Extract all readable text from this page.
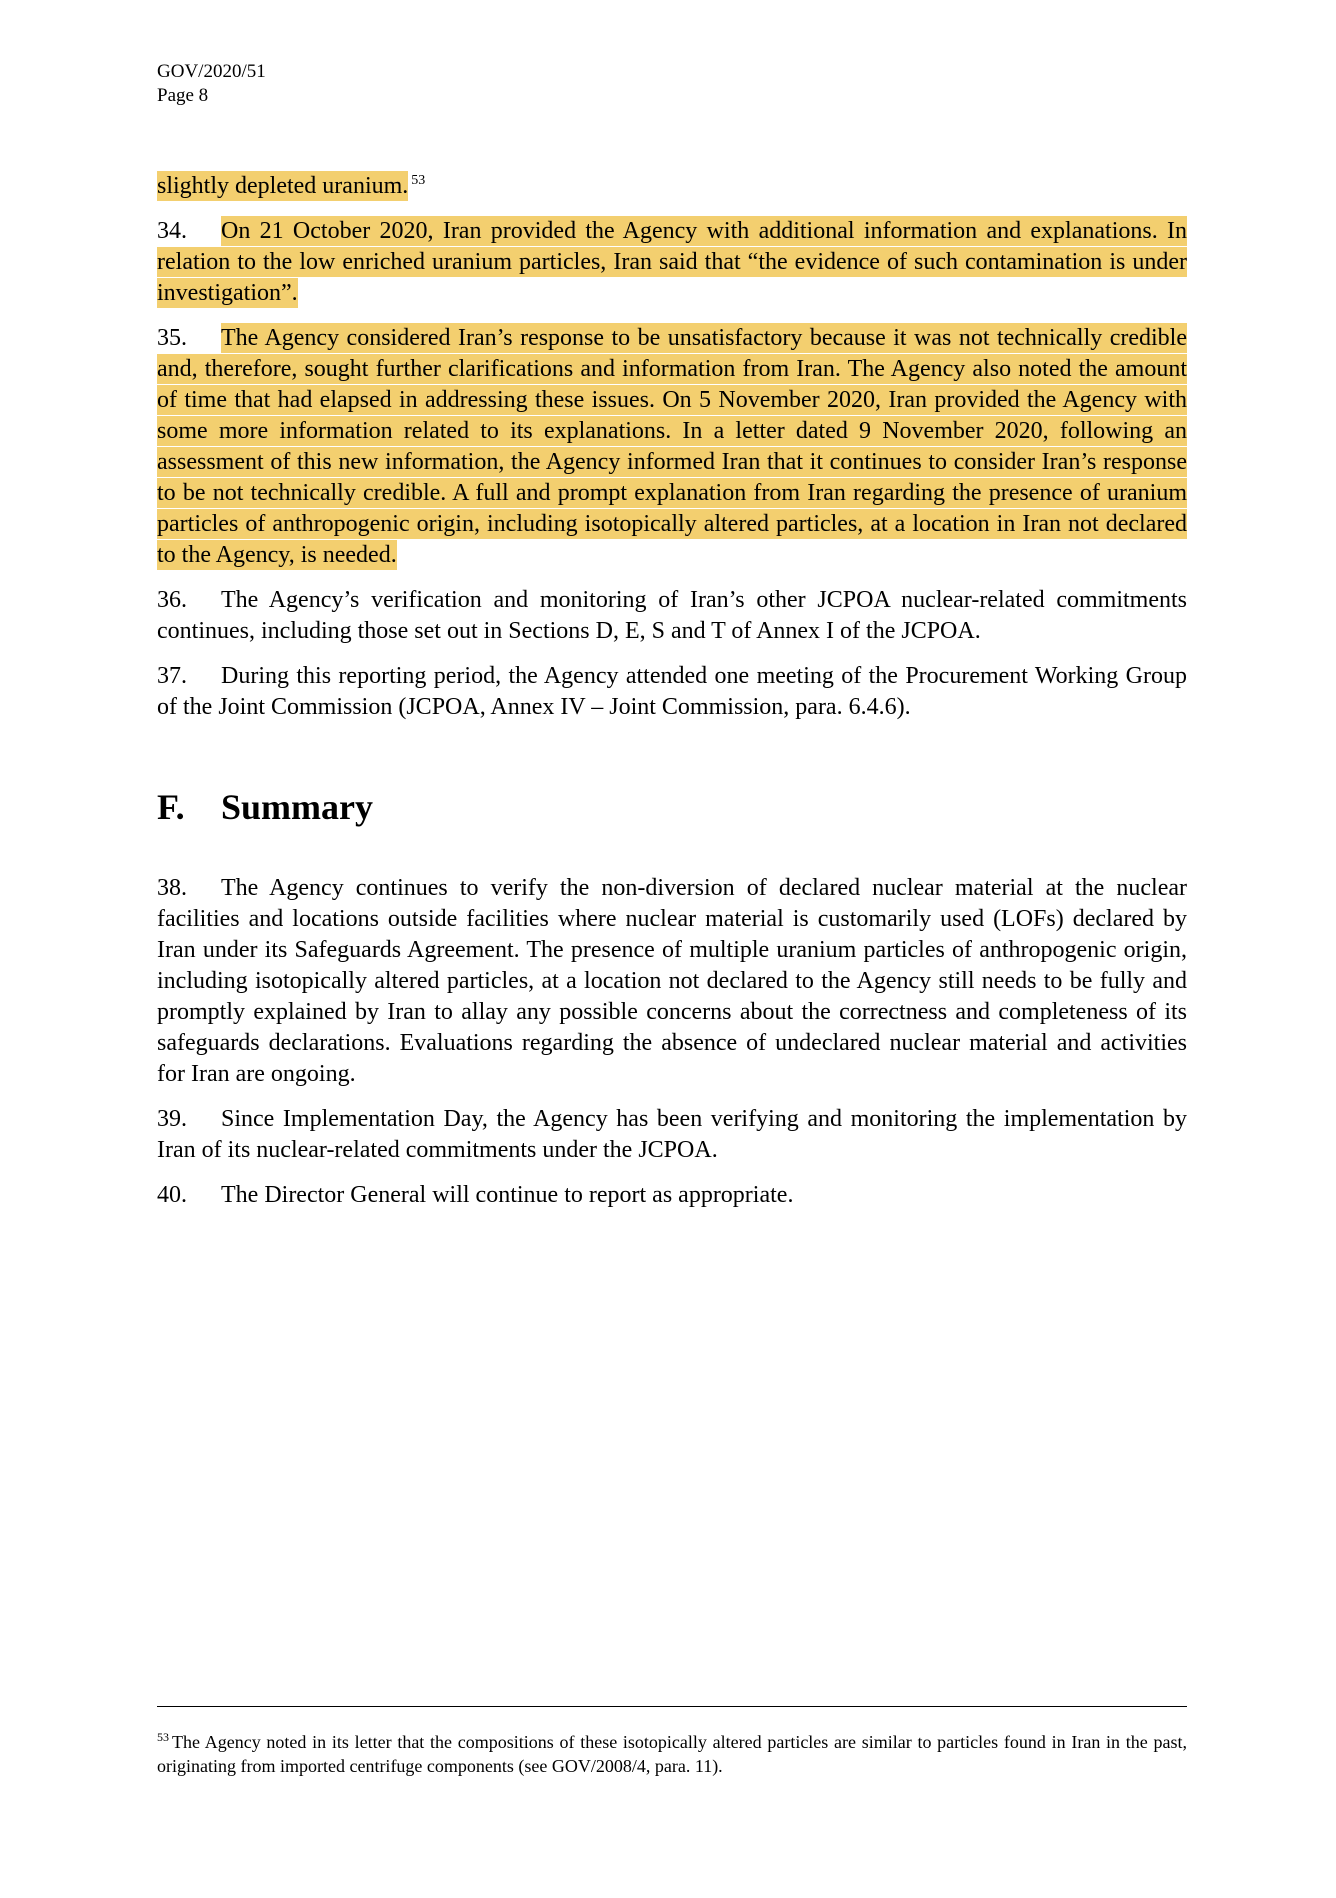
GOV/2020/51
Page 8

slightly depleted uranium. $^{53}$

34. On 21 October 2020, Iran provided the Agency with additional information and explanations. In relation to the low enriched uranium particles, Iran said that “the evidence of such contamination is under investigation”.

35. The Agency considered Iran’s response to be unsatisfactory because it was not technically credible and, therefore, sought further clarifications and information from Iran. The Agency also noted the amount of time that had elapsed in addressing these issues. On 5 November 2020, Iran provided the Agency with some more information related to its explanations. In a letter dated 9 November 2020, following an assessment of this new information, the Agency informed Iran that it continues to consider Iran’s response to be not technically credible. A full and prompt explanation from Iran regarding the presence of uranium particles of anthropogenic origin, including isotopically altered particles, at a location in Iran not declared to the Agency, is needed.

36. The Agency’s verification and monitoring of Iran’s other JCPOA nuclear-related commitments continues, including those set out in Sections D, E, S and T of Annex I of the JCPOA.

37. During this reporting period, the Agency attended one meeting of the Procurement Working Group of the Joint Commission (JCPOA, Annex IV – Joint Commission, para. 6.4.6).

F. Summary

38. The Agency continues to verify the non-diversion of declared nuclear material at the nuclear facilities and locations outside facilities where nuclear material is customarily used (LOFs) declared by Iran under its Safeguards Agreement. The presence of multiple uranium particles of anthropogenic origin, including isotopically altered particles, at a location not declared to the Agency still needs to be fully and promptly explained by Iran to allay any possible concerns about the correctness and completeness of its safeguards declarations. Evaluations regarding the absence of undeclared nuclear material and activities for Iran are ongoing.

39. Since Implementation Day, the Agency has been verifying and monitoring the implementation by Iran of its nuclear-related commitments under the JCPOA.

40. The Director General will continue to report as appropriate.

$^{53}$ The Agency noted in its letter that the compositions of these isotopically altered particles are similar to particles found in Iran in the past, originating from imported centrifuge components (see GOV/2008/4, para. 11).
